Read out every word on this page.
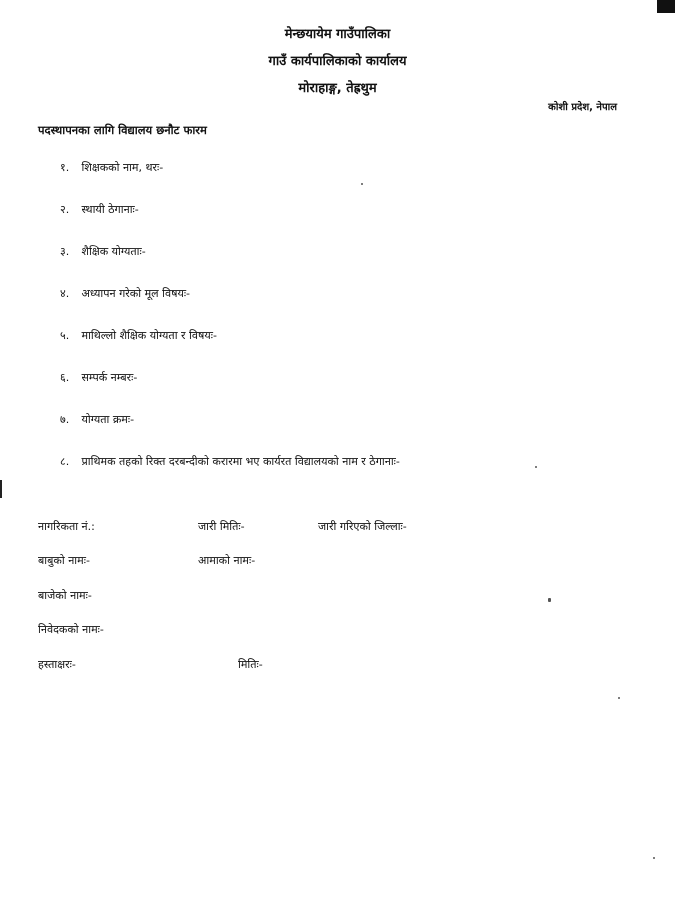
मेन्छयायेम गाउँपालिका
गाउँ कार्यपालिकाको कार्यालय
मोराहाङ्ग, तेह्रथुम
कोशी प्रदेश, नेपाल
पदस्थापनका लागि विद्यालय छनौट फारम
१. शिक्षकको नाम, थरः-
२. स्थायी ठेगानाः-
३. शैक्षिक योग्यताः-
४. अध्यापन गरेको मूल विषयः-
५. माथिल्लो शैक्षिक योग्यता र विषयः-
६. सम्पर्क नम्बरः-
७. योग्यता क्रमः-
८. प्राथिमक तहको रिक्त दरबन्दीको करारमा भए कार्यरत विद्यालयको नाम र ठेगानाः-
नागरिकता नं.:	जारी मितिः-	जारी गरिएको जिल्लाः-
बाबुको नामः-	आमाको नामः-
बाजेको नामः-
निवेदकको नामः-
हस्ताक्षरः-	मितिः-
